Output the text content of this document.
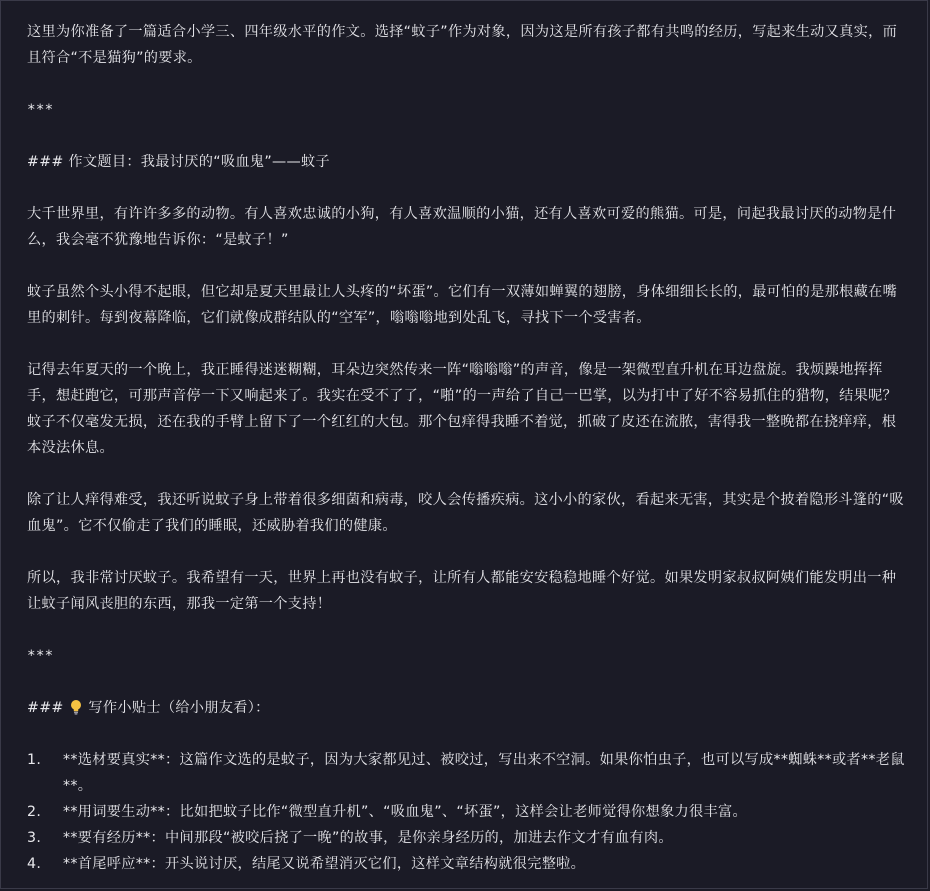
这里为你准备了一篇适合小学三、四年级水平的作文。选择“蚊子”作为对象，因为这是所有孩子都有共鸣的经历，写起来生动又真实，而且符合“不是猫狗”的要求。

***

### 作文题目：我最讨厌的“吸血鬼”——蚊子

大千世界里，有许许多多的动物。有人喜欢忠诚的小狗，有人喜欢温顺的小猫，还有人喜欢可爱的熊猫。可是，问起我最讨厌的动物是什么，我会毫不犹豫地告诉你：“是蚊子！”

蚊子虽然个头小得不起眼，但它却是夏天里最让人头疼的“坏蛋”。它们有一双薄如蝉翼的翅膀，身体细细长长的，最可怕的是那根藏在嘴里的刺针。每到夜幕降临，它们就像成群结队的“空军”，嗡嗡嗡地到处乱飞，寻找下一个受害者。

记得去年夏天的一个晚上，我正睡得迷迷糊糊，耳朵边突然传来一阵“嗡嗡嗡”的声音，像是一架微型直升机在耳边盘旋。我烦躁地挥挥手，想赶跑它，可那声音停一下又响起来了。我实在受不了了，“啪”的一声给了自己一巴掌，以为打中了好不容易抓住的猎物，结果呢？蚊子不仅毫发无损，还在我的手臂上留下了一个红红的大包。那个包痒得我睡不着觉，抓破了皮还在流脓，害得我一整晚都在挠痒痒，根本没法休息。

除了让人痒得难受，我还听说蚊子身上带着很多细菌和病毒，咬人会传播疾病。这小小的家伙，看起来无害，其实是个披着隐形斗篷的“吸血鬼”。它不仅偷走了我们的睡眠，还威胁着我们的健康。

所以，我非常讨厌蚊子。我希望有一天，世界上再也没有蚊子，让所有人都能安安稳稳地睡个好觉。如果发明家叔叔阿姨们能发明出一种让蚊子闻风丧胆的东西，那我一定第一个支持！

***

### 写作小贴士（给小朋友看）：

1.	**选材要真实**：这篇作文选的是蚊子，因为大家都见过、被咬过，写出来不空洞。如果你怕虫子，也可以写成**蜘蛛**或者**老鼠**。
2.	**用词要生动**：比如把蚊子比作“微型直升机”、“吸血鬼”、“坏蛋”，这样会让老师觉得你想象力很丰富。
3.	**要有经历**：中间那段“被咬后挠了一晚”的故事，是你亲身经历的，加进去作文才有血有肉。
4.	**首尾呼应**：开头说讨厌，结尾又说希望消灭它们，这样文章结构就很完整啦。
